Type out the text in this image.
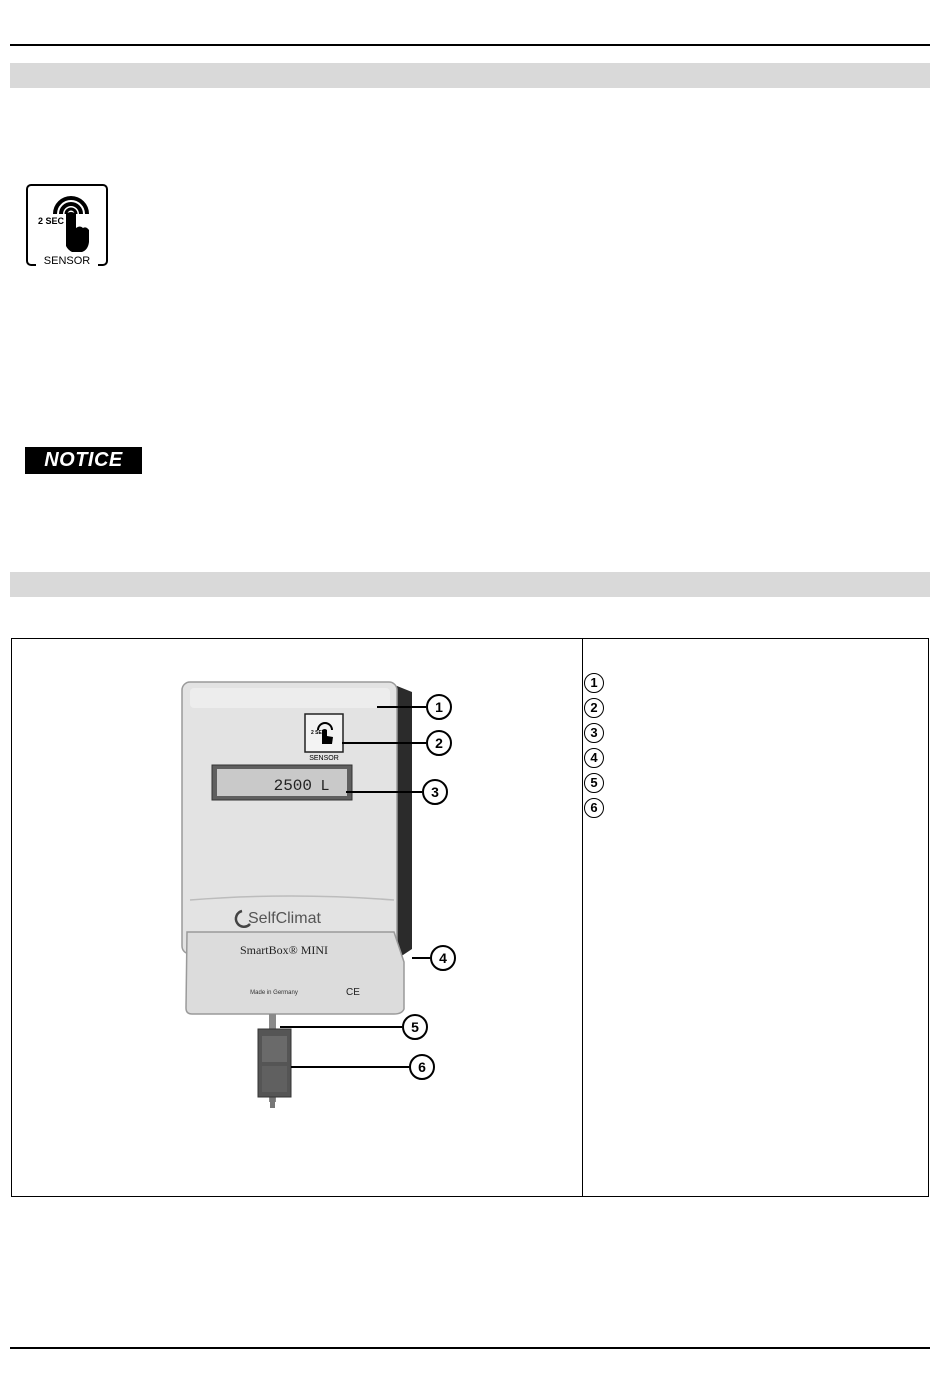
2 SEC
SENSOR
NOTICE
2 SEC
SENSOR
2500 L
SelfClimat
SmartBox® MINI
Made in Germany	CE
1
2
3
4
5
6
1
2
3
4
5
6
